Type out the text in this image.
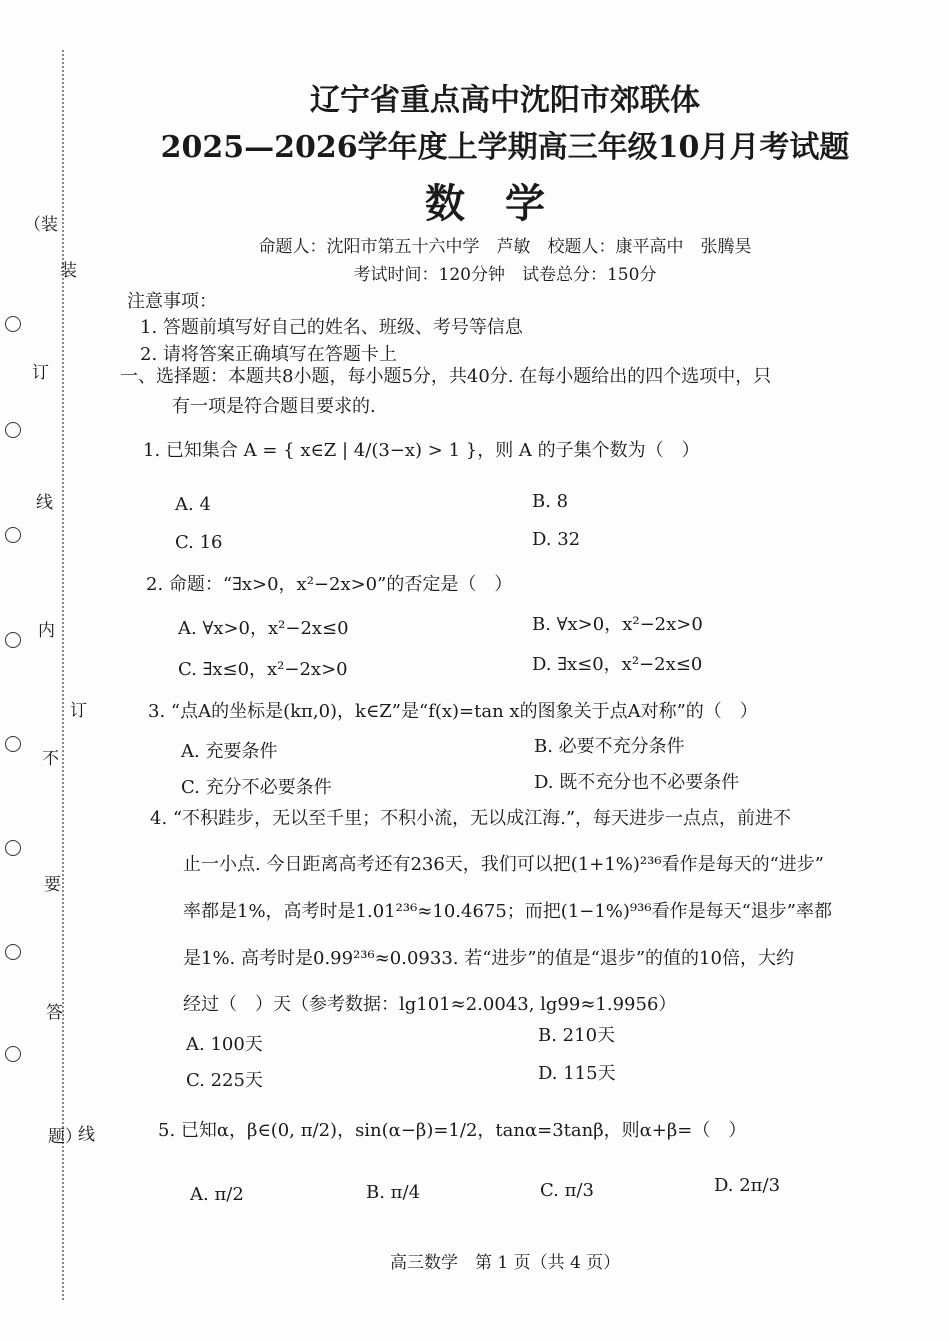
（装
装
订
线
内
订
不
要
答
题）
线
辽宁省重点高中沈阳市郊联体
2025—2026学年度上学期高三年级10月月考试题
数学
命题人：沈阳市第五十六中学　芦敏　校题人：康平高中　张腾昊
考试时间：120分钟　试卷总分：150分
注意事项：
1. 答题前填写好自己的姓名、班级、考号等信息
2. 请将答案正确填写在答题卡上
一、选择题：本题共8小题，每小题5分，共40分. 在每小题给出的四个选项中，只
有一项是符合题目要求的.
1. 已知集合 A = { x∈Z | 4/(3−x) > 1 }，则 A 的子集个数为（　）
A. 4	B. 8
C. 16	D. 32
2. 命题：“∃x>0，x²−2x>0”的否定是（　）
A. ∀x>0，x²−2x≤0	B. ∀x>0，x²−2x>0
C. ∃x≤0，x²−2x>0	D. ∃x≤0，x²−2x≤0
3. “点A的坐标是(kπ,0)，k∈Z”是“f(x)=tan x的图象关于点A对称”的（　）
A. 充要条件	B. 必要不充分条件
C. 充分不必要条件	D. 既不充分也不必要条件
4. “不积跬步，无以至千里；不积小流，无以成江海.”，每天进步一点点，前进不
止一小点. 今日距离高考还有236天，我们可以把(1+1%)²³⁶看作是每天的“进步”
率都是1%，高考时是1.01²³⁶≈10.4675；而把(1−1%)⁹³⁶看作是每天“退步”率都
是1%. 高考时是0.99²³⁶≈0.0933. 若“进步”的值是“退步”的值的10倍，大约
经过（　）天（参考数据：lg101≈2.0043, lg99≈1.9956）
A. 100天	B. 210天
C. 225天	D. 115天
5. 已知α，β∈(0, π/2)，sin(α−β)=1/2，tanα=3tanβ，则α+β=（　）
A. π/2	B. π/4	C. π/3	D. 2π/3
高三数学　第 1 页（共 4 页）
